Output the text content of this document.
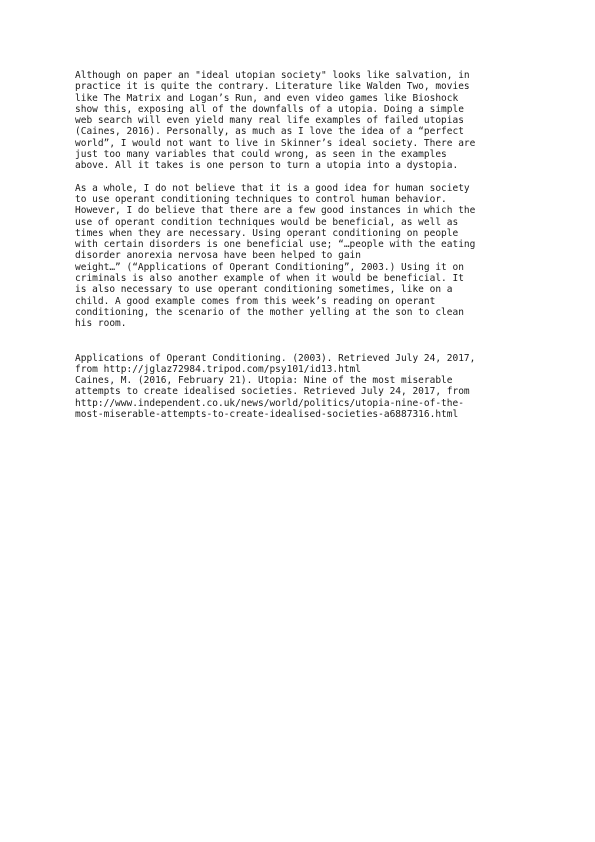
Although on paper an "ideal utopian society" looks like salvation, in
practice it is quite the contrary. Literature like Walden Two, movies
like The Matrix and Logan’s Run, and even video games like Bioshock
show this, exposing all of the downfalls of a utopia. Doing a simple
web search will even yield many real life examples of failed utopias
(Caines, 2016). Personally, as much as I love the idea of a “perfect
world”, I would not want to live in Skinner’s ideal society. There are
just too many variables that could wrong, as seen in the examples
above. All it takes is one person to turn a utopia into a dystopia.

As a whole, I do not believe that it is a good idea for human society
to use operant conditioning techniques to control human behavior.
However, I do believe that there are a few good instances in which the
use of operant condition techniques would be beneficial, as well as
times when they are necessary. Using operant conditioning on people
with certain disorders is one beneficial use; “…people with the eating
disorder anorexia nervosa have been helped to gain
weight…” (“Applications of Operant Conditioning”, 2003.) Using it on
criminals is also another example of when it would be beneficial. It
is also necessary to use operant conditioning sometimes, like on a
child. A good example comes from this week’s reading on operant
conditioning, the scenario of the mother yelling at the son to clean
his room.

Applications of Operant Conditioning. (2003). Retrieved July 24, 2017,
from http://jglaz72984.tripod.com/psy101/id13.html

Caines, M. (2016, February 21). Utopia: Nine of the most miserable
attempts to create idealised societies. Retrieved July 24, 2017, from
http://www.independent.co.uk/news/world/politics/utopia-nine-of-the-
most-miserable-attempts-to-create-idealised-societies-a6887316.html
